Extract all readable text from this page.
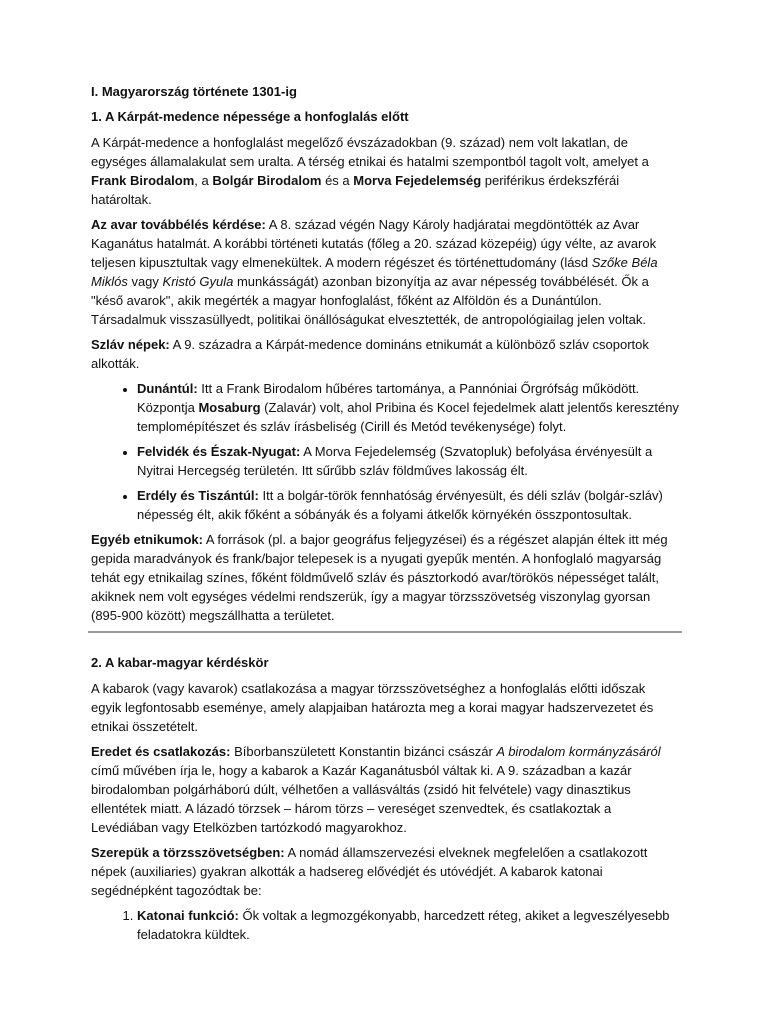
I. Magyarország története 1301-ig

1. A Kárpát-medence népessége a honfoglalás előtt

A Kárpát-medence a honfoglalást megelőző évszázadokban (9. század) nem volt lakatlan, de egységes államalakulat sem uralta. A térség etnikai és hatalmi szempontból tagolt volt, amelyet a Frank Birodalom, a Bolgár Birodalom és a Morva Fejedelemség periférikus érdekszférái határoltak.

Az avar továbbélés kérdése: A 8. század végén Nagy Károly hadjáratai megdöntötték az Avar Kaganátus hatalmát. A korábbi történeti kutatás (főleg a 20. század közepéig) úgy vélte, az avarok teljesen kipusztultak vagy elmenekültek. A modern régészet és történettudomány (lásd Szőke Béla Miklós vagy Kristó Gyula munkásságát) azonban bizonyítja az avar népesség továbbélését. Ők a "késő avarok", akik megérték a magyar honfoglalást, főként az Alföldön és a Dunántúlon. Társadalmuk visszasüllyedt, politikai önállóságukat elvesztették, de antropológiailag jelen voltak.

Szláv népek: A 9. századra a Kárpát-medence domináns etnikumát a különböző szláv csoportok alkották.

• Dunántúl: Itt a Frank Birodalom hűbéres tartománya, a Pannóniai Őrgrófság működött. Központja Mosaburg (Zalavár) volt, ahol Pribina és Kocel fejedelmek alatt jelentős keresztény templomépítészet és szláv írásbeliség (Cirill és Metód tevékenysége) folyt.
• Felvidék és Észak-Nyugat: A Morva Fejedelemség (Szvatopluk) befolyása érvényesült a Nyitrai Hercegség területén. Itt sűrűbb szláv földműves lakosság élt.
• Erdély és Tiszántúl: Itt a bolgár-török fennhatóság érvényesült, és déli szláv (bolgár-szláv) népesség élt, akik főként a sóbányák és a folyami átkelők környékén összpontosultak.

Egyéb etnikumok: A források (pl. a bajor geográfus feljegyzései) és a régészet alapján éltek itt még gepida maradványok és frank/bajor telepesek is a nyugati gyepűk mentén. A honfoglaló magyarság tehát egy etnikailag színes, főként földművelő szláv és pásztorkodó avar/törökös népességet talált, akiknek nem volt egységes védelmi rendszerük, így a magyar törzsszövetség viszonylag gyorsan (895-900 között) megszállhatta a területet.

2. A kabar-magyar kérdéskör

A kabarok (vagy kavarok) csatlakozása a magyar törzsszövetséghez a honfoglalás előtti időszak egyik legfontosabb eseménye, amely alapjaiban határozta meg a korai magyar hadszervezetet és etnikai összetételt.

Eredet és csatlakozás: Bíborbanszületett Konstantin bizánci császár A birodalom kormányzásáról című művében írja le, hogy a kabarok a Kazár Kaganátusból váltak ki. A 9. században a kazár birodalomban polgárháború dúlt, vélhetően a vallásváltás (zsidó hit felvétele) vagy dinasztikus ellentétek miatt. A lázadó törzsek – három törzs – vereséget szenvedtek, és csatlakoztak a Levédiában vagy Etelközben tartózkodó magyarokhoz.

Szerepük a törzsszövetségben: A nomád államszervezési elveknek megfelelően a csatlakozott népek (auxiliaries) gyakran alkották a hadsereg elővédjét és utóvédjét. A kabarok katonai segédnépként tagozódtak be:

1. Katonai funkció: Ők voltak a legmozgékonyabb, harcedzett réteg, akiket a legveszélyesebb feladatokra küldtek.
